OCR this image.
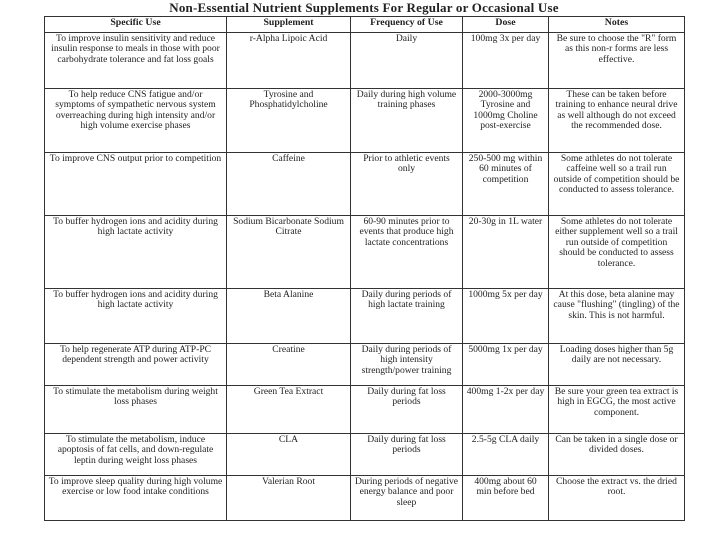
Non-Essential Nutrient Supplements For Regular or Occasional Use
Specific Use	Supplement	Frequency of Use	Dose	Notes
To improve insulin sensitivity and reduce insulin response to meals in those with poor carbohydrate tolerance and fat loss goals	r-Alpha Lipoic Acid	Daily	100mg 3x per day	Be sure to choose the "R" form as this non-r forms are less effective.
To help reduce CNS fatigue and/or symptoms of sympathetic nervous system overreaching during high intensity and/or high volume exercise phases	Tyrosine and Phosphatidylcholine	Daily during high volume training phases	2000-3000mg Tyrosine and 1000mg Choline post-exercise	These can be taken before training to enhance neural drive as well although do not exceed the recommended dose.
To improve CNS output prior to competition	Caffeine	Prior to athletic events only	250-500 mg within 60 minutes of competition	Some athletes do not tolerate caffeine well so a trail run outside of competition should be conducted to assess tolerance.
To buffer hydrogen ions and acidity during high lactate activity	Sodium Bicarbonate Sodium Citrate	60-90 minutes prior to events that produce high lactate concentrations	20-30g in 1L water	Some athletes do not tolerate either supplement well so a trail run outside of competition should be conducted to assess tolerance.
To buffer hydrogen ions and acidity during high lactate activity	Beta Alanine	Daily during periods of high lactate training	1000mg 5x per day	At this dose, beta alanine may cause "flushing" (tingling) of the skin. This is not harmful.
To help regenerate ATP during ATP-PC dependent strength and power activity	Creatine	Daily during periods of high intensity strength/power training	5000mg 1x per day	Loading doses higher than 5g daily are not necessary.
To stimulate the metabolism during weight loss phases	Green Tea Extract	Daily during fat loss periods	400mg 1-2x per day	Be sure your green tea extract is high in EGCG, the most active component.
To stimulate the metabolism, induce apoptosis of fat cells, and down-regulate leptin during weight loss phases	CLA	Daily during fat loss periods	2.5-5g CLA daily	Can be taken in a single dose or divided doses.
To improve sleep quality during high volume exercise or low food intake conditions	Valerian Root	During periods of negative energy balance and poor sleep	400mg about 60 min before bed	Choose the extract vs. the dried root.
